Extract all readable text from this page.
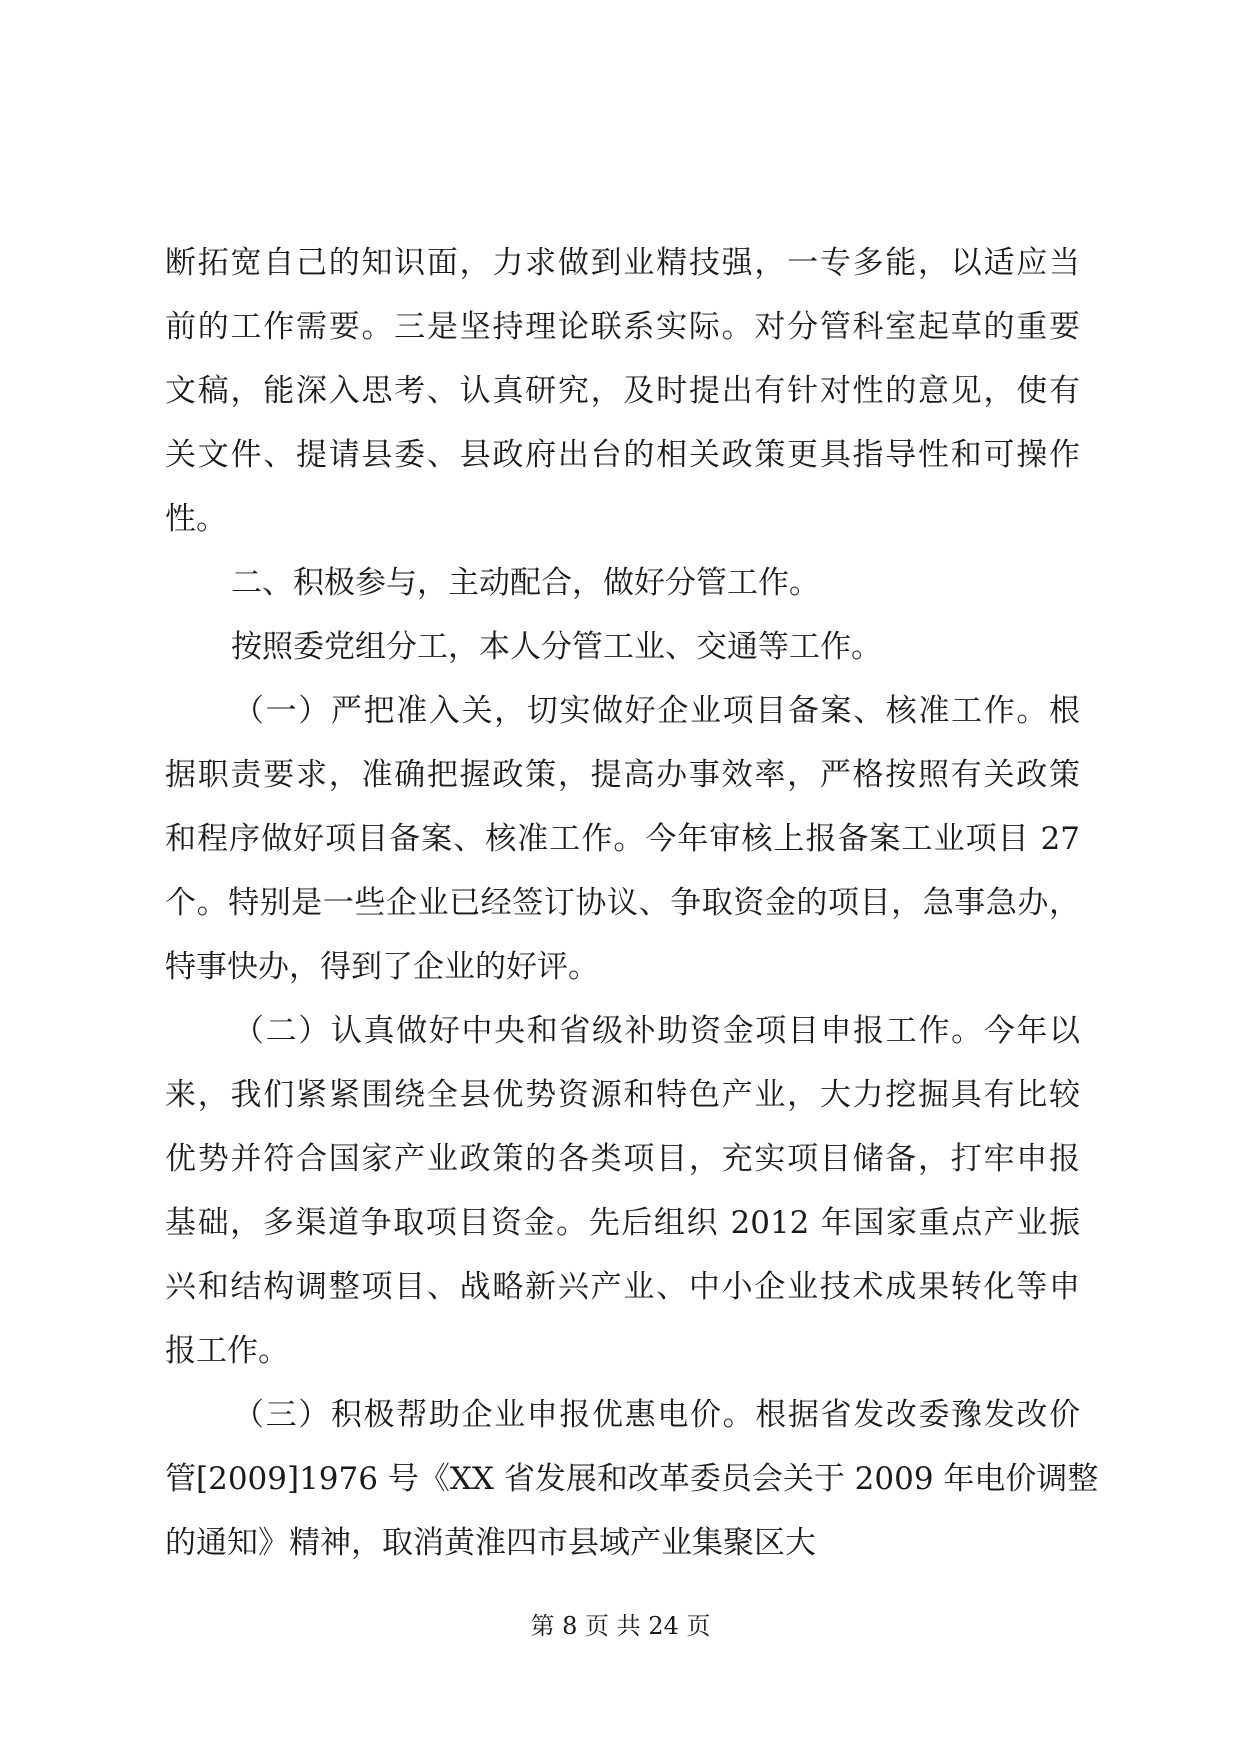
断拓宽自己的知识面，力求做到业精技强，一专多能，以适应当
前的工作需要。三是坚持理论联系实际。对分管科室起草的重要
文稿，能深入思考、认真研究，及时提出有针对性的意见，使有
关文件、提请县委、县政府出台的相关政策更具指导性和可操作
性。
二、积极参与，主动配合，做好分管工作。
按照委党组分工，本人分管工业、交通等工作。
（一）严把准入关，切实做好企业项目备案、核准工作。根
据职责要求，准确把握政策，提高办事效率，严格按照有关政策
和程序做好项目备案、核准工作。今年审核上报备案工业项目 27
个。特别是一些企业已经签订协议、争取资金的项目，急事急办，
特事快办，得到了企业的好评。
（二）认真做好中央和省级补助资金项目申报工作。今年以
来，我们紧紧围绕全县优势资源和特色产业，大力挖掘具有比较
优势并符合国家产业政策的各类项目，充实项目储备，打牢申报
基础，多渠道争取项目资金。先后组织 2012 年国家重点产业振
兴和结构调整项目、战略新兴产业、中小企业技术成果转化等申
报工作。
（三）积极帮助企业申报优惠电价。根据省发改委豫发改价
管[2009]1976 号《XX 省发展和改革委员会关于 2009 年电价调整
的通知》精神，取消黄淮四市县域产业集聚区大
第 8 页 共 24 页
